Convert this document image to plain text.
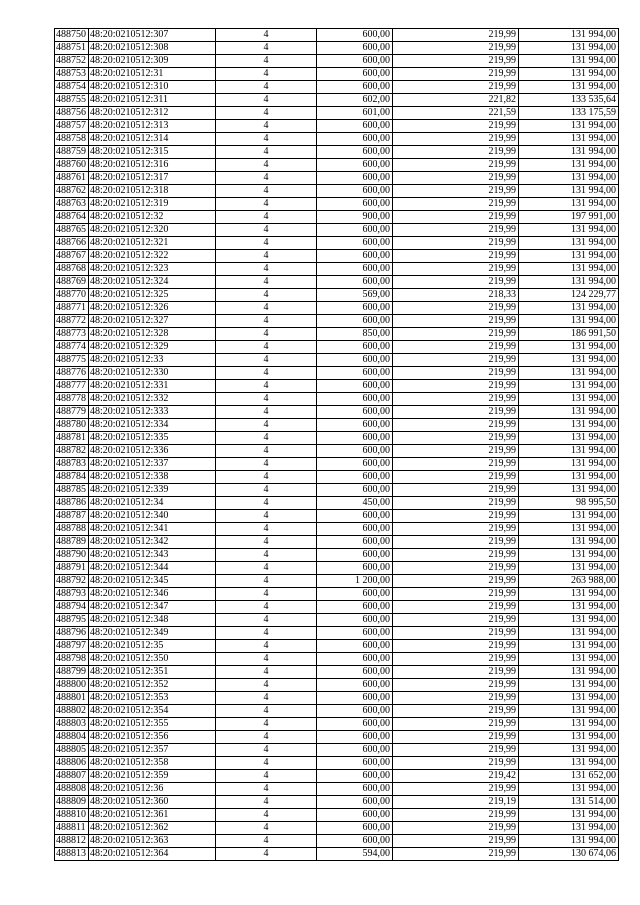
488750	48:20:0210512:307	4	600,00	219,99	131 994,00
488751	48:20:0210512:308	4	600,00	219,99	131 994,00
488752	48:20:0210512:309	4	600,00	219,99	131 994,00
488753	48:20:0210512:31	4	600,00	219,99	131 994,00
488754	48:20:0210512:310	4	600,00	219,99	131 994,00
488755	48:20:0210512:311	4	602,00	221,82	133 535,64
488756	48:20:0210512:312	4	601,00	221,59	133 175,59
488757	48:20:0210512:313	4	600,00	219,99	131 994,00
488758	48:20:0210512:314	4	600,00	219,99	131 994,00
488759	48:20:0210512:315	4	600,00	219,99	131 994,00
488760	48:20:0210512:316	4	600,00	219,99	131 994,00
488761	48:20:0210512:317	4	600,00	219,99	131 994,00
488762	48:20:0210512:318	4	600,00	219,99	131 994,00
488763	48:20:0210512:319	4	600,00	219,99	131 994,00
488764	48:20:0210512:32	4	900,00	219,99	197 991,00
488765	48:20:0210512:320	4	600,00	219,99	131 994,00
488766	48:20:0210512:321	4	600,00	219,99	131 994,00
488767	48:20:0210512:322	4	600,00	219,99	131 994,00
488768	48:20:0210512:323	4	600,00	219,99	131 994,00
488769	48:20:0210512:324	4	600,00	219,99	131 994,00
488770	48:20:0210512:325	4	569,00	218,33	124 229,77
488771	48:20:0210512:326	4	600,00	219,99	131 994,00
488772	48:20:0210512:327	4	600,00	219,99	131 994,00
488773	48:20:0210512:328	4	850,00	219,99	186 991,50
488774	48:20:0210512:329	4	600,00	219,99	131 994,00
488775	48:20:0210512:33	4	600,00	219,99	131 994,00
488776	48:20:0210512:330	4	600,00	219,99	131 994,00
488777	48:20:0210512:331	4	600,00	219,99	131 994,00
488778	48:20:0210512:332	4	600,00	219,99	131 994,00
488779	48:20:0210512:333	4	600,00	219,99	131 994,00
488780	48:20:0210512:334	4	600,00	219,99	131 994,00
488781	48:20:0210512:335	4	600,00	219,99	131 994,00
488782	48:20:0210512:336	4	600,00	219,99	131 994,00
488783	48:20:0210512:337	4	600,00	219,99	131 994,00
488784	48:20:0210512:338	4	600,00	219,99	131 994,00
488785	48:20:0210512:339	4	600,00	219,99	131 994,00
488786	48:20:0210512:34	4	450,00	219,99	98 995,50
488787	48:20:0210512:340	4	600,00	219,99	131 994,00
488788	48:20:0210512:341	4	600,00	219,99	131 994,00
488789	48:20:0210512:342	4	600,00	219,99	131 994,00
488790	48:20:0210512:343	4	600,00	219,99	131 994,00
488791	48:20:0210512:344	4	600,00	219,99	131 994,00
488792	48:20:0210512:345	4	1 200,00	219,99	263 988,00
488793	48:20:0210512:346	4	600,00	219,99	131 994,00
488794	48:20:0210512:347	4	600,00	219,99	131 994,00
488795	48:20:0210512:348	4	600,00	219,99	131 994,00
488796	48:20:0210512:349	4	600,00	219,99	131 994,00
488797	48:20:0210512:35	4	600,00	219,99	131 994,00
488798	48:20:0210512:350	4	600,00	219,99	131 994,00
488799	48:20:0210512:351	4	600,00	219,99	131 994,00
488800	48:20:0210512:352	4	600,00	219,99	131 994,00
488801	48:20:0210512:353	4	600,00	219,99	131 994,00
488802	48:20:0210512:354	4	600,00	219,99	131 994,00
488803	48:20:0210512:355	4	600,00	219,99	131 994,00
488804	48:20:0210512:356	4	600,00	219,99	131 994,00
488805	48:20:0210512:357	4	600,00	219,99	131 994,00
488806	48:20:0210512:358	4	600,00	219,99	131 994,00
488807	48:20:0210512:359	4	600,00	219,42	131 652,00
488808	48:20:0210512:36	4	600,00	219,99	131 994,00
488809	48:20:0210512:360	4	600,00	219,19	131 514,00
488810	48:20:0210512:361	4	600,00	219,99	131 994,00
488811	48:20:0210512:362	4	600,00	219,99	131 994,00
488812	48:20:0210512:363	4	600,00	219,99	131 994,00
488813	48:20:0210512:364	4	594,00	219,99	130 674,06
